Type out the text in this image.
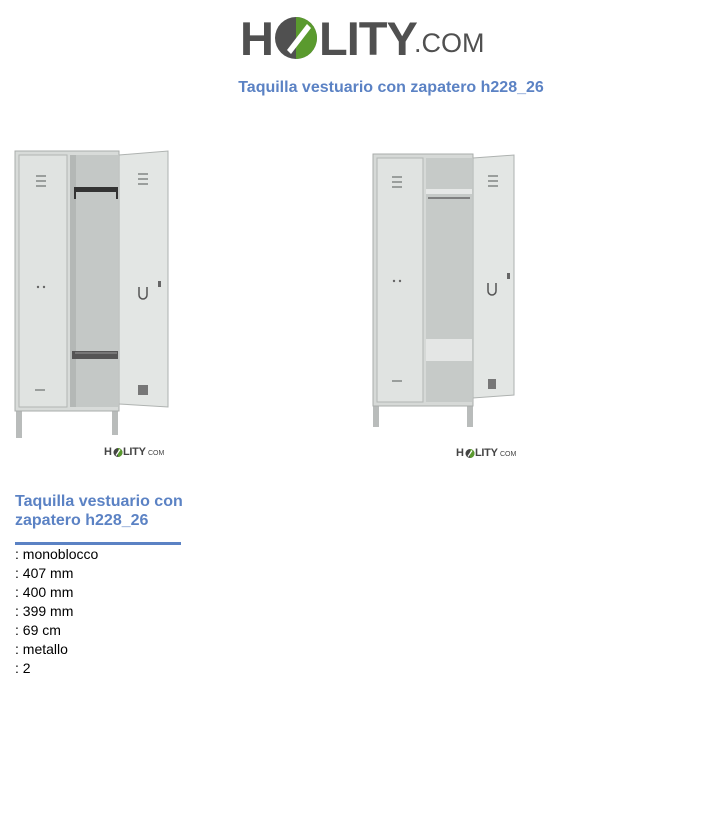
H LITY
.COM
Taquilla vestuario con zapatero h228_26
H LITY COM	H LITY COM
Taquilla vestuario con zapatero h228_26
: monoblocco
: 407 mm
: 400 mm
: 399 mm
: 69 cm
: metallo
: 2
